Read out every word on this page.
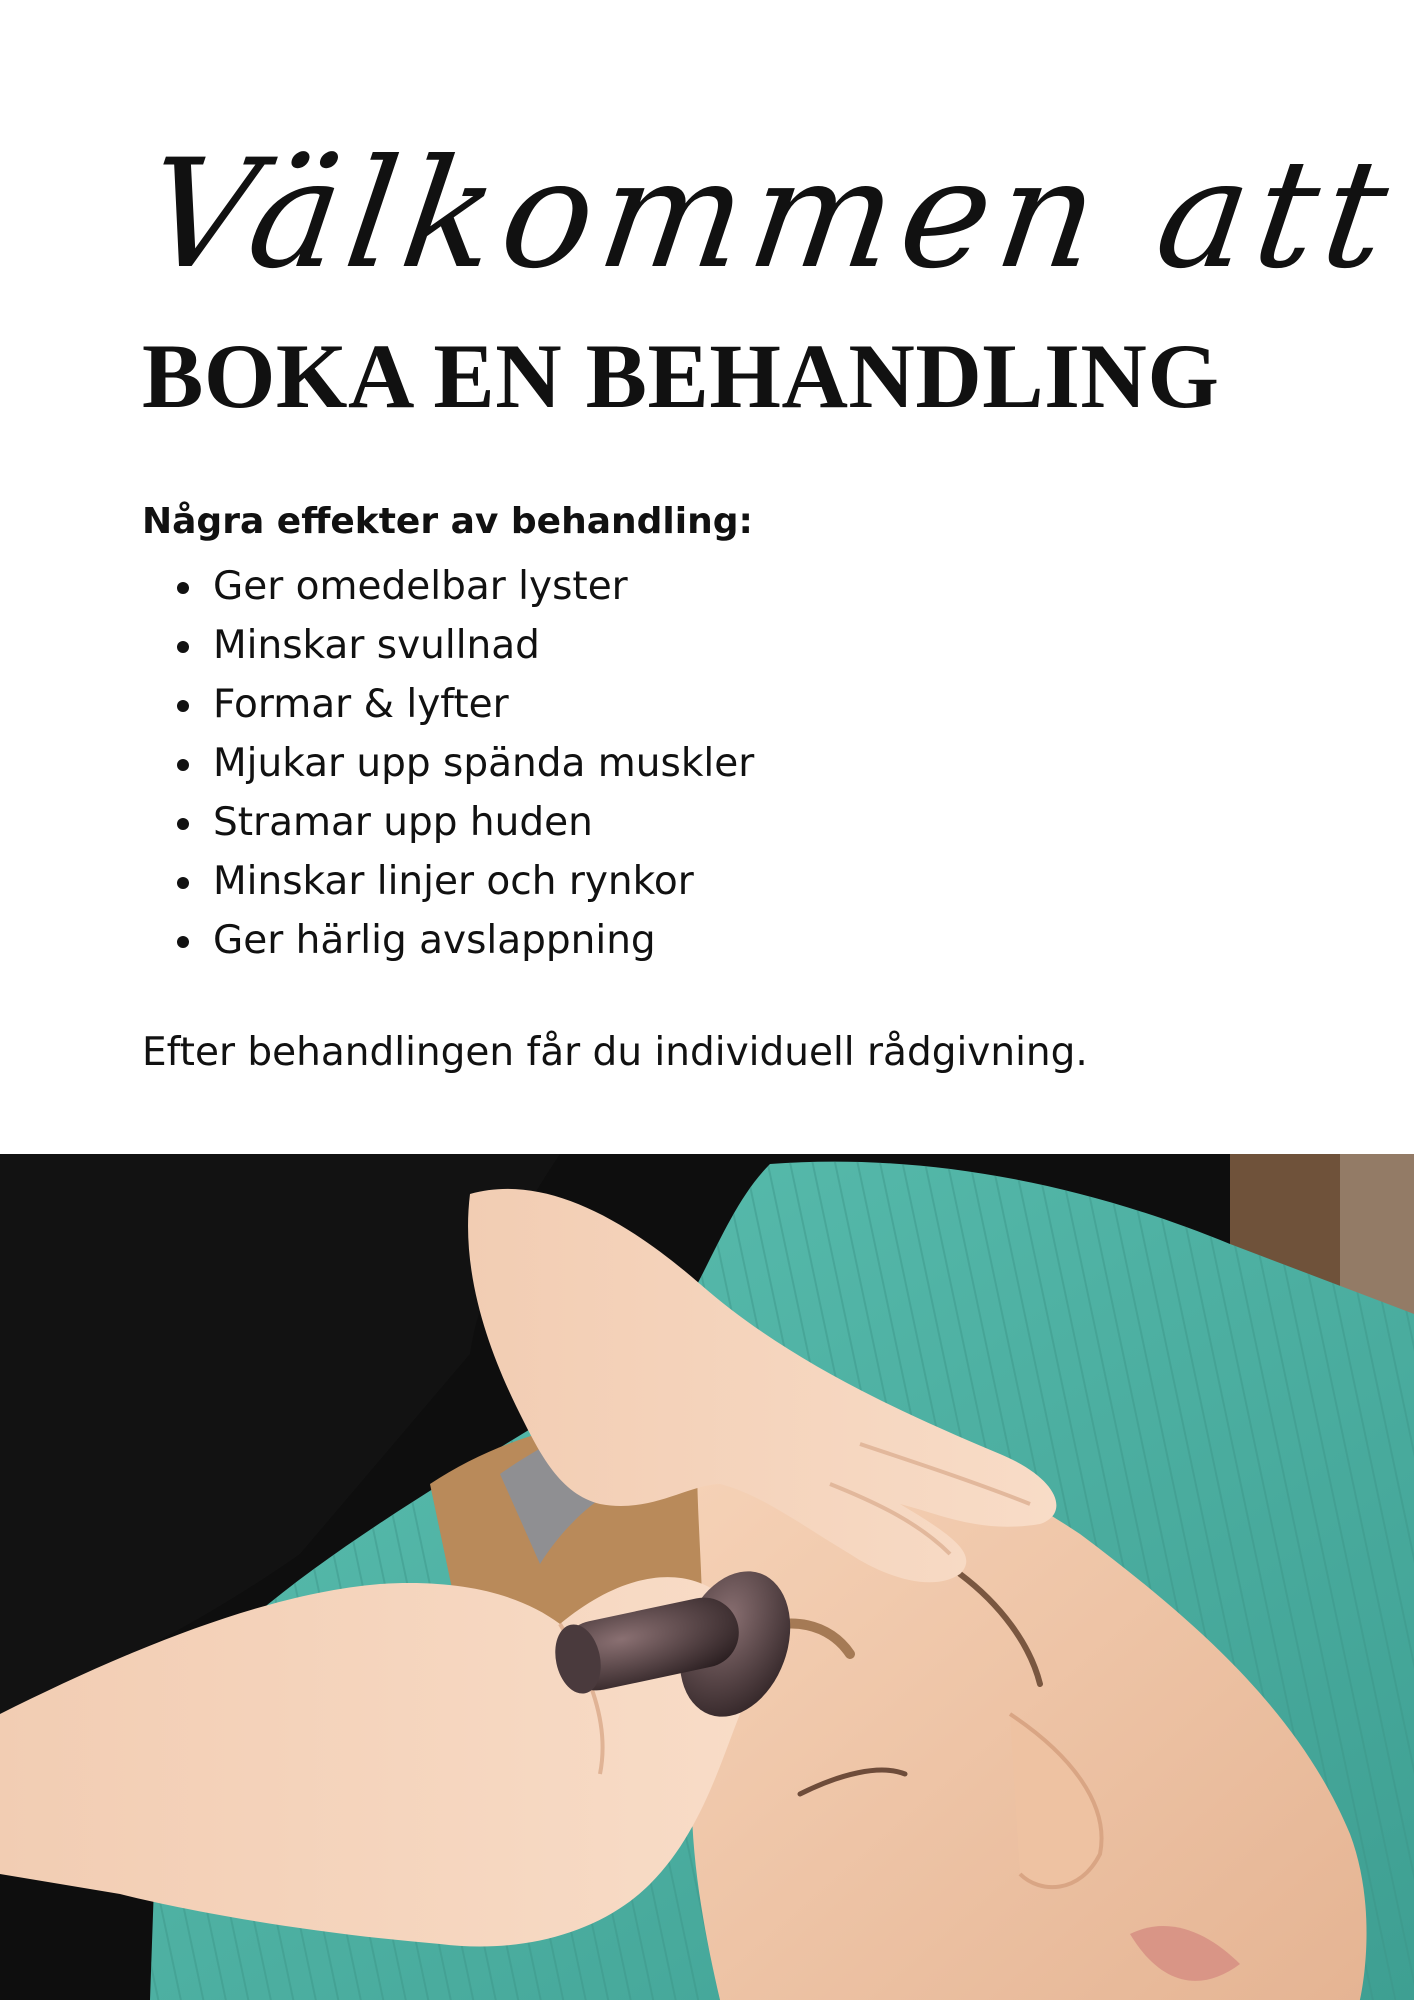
Välkommen att
BOKA EN BEHANDLING

Några effekter av behandling:

Ger omedelbar lyster
Minskar svullnad
Formar & lyfter
Mjukar upp spända muskler
Stramar upp huden
Minskar linjer och rynkor
Ger härlig avslappning

Efter behandlingen får du individuell rådgivning.
